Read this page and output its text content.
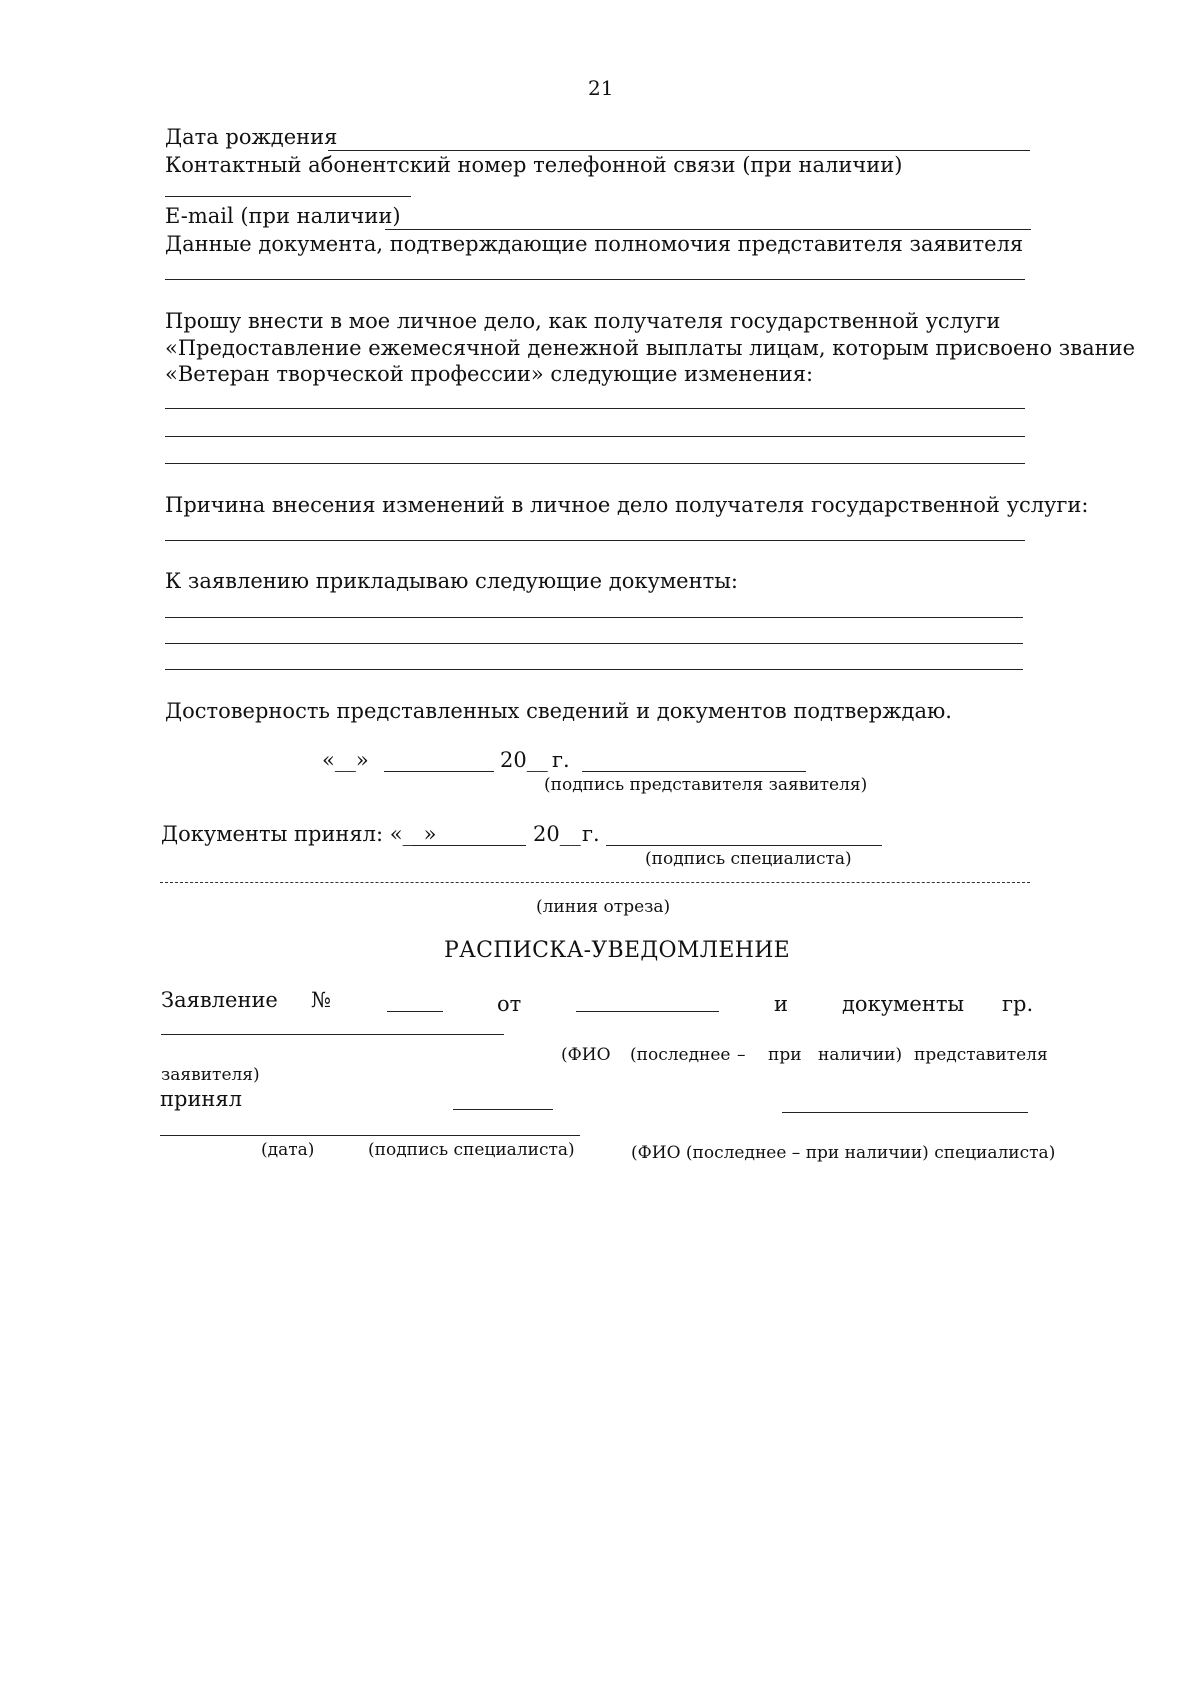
21
Дата рождения
Контактный абонентский номер телефонной связи (при наличии)
E-mail (при наличии)
Данные документа, подтверждающие полномочия представителя заявителя
Прошу внести в мое личное дело, как получателя государственной услуги
«Предоставление ежемесячной денежной выплаты лицам, которым присвоено звание
«Ветеран творческой профессии» следующие изменения:
Причина внесения изменений в личное дело получателя государственной услуги:
К заявлению прикладываю следующие документы:
Достоверность представленных сведений и документов подтверждаю.
«__»	20__ г.
(подпись представителя заявителя)
Документы принял: «__»	20__ г.
(подпись специалиста)
(линия отреза)
РАСПИСКА-УВЕДОМЛЕНИЕ
Заявление №	от	и	документы гр.
(ФИО (последнее – при наличии) представителя
заявителя)
принял
(дата)	(подпись специалиста)	(ФИО (последнее – при наличии) специалиста)
